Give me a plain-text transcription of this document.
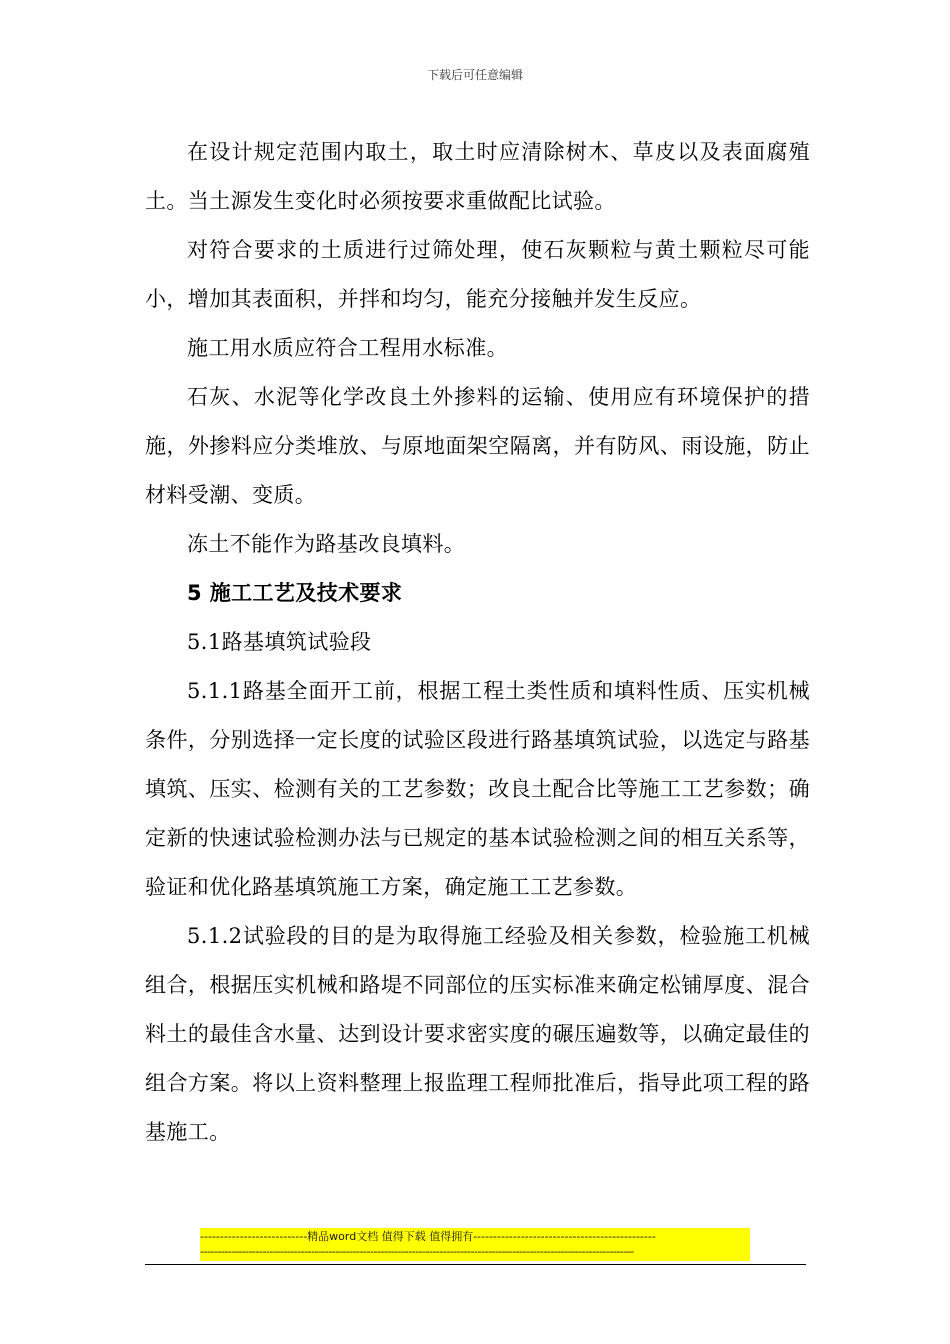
下载后可任意编辑

在设计规定范围内取土，取土时应清除树木、草皮以及表面腐殖土。当土源发生变化时必须按要求重做配比试验。

对符合要求的土质进行过筛处理，使石灰颗粒与黄土颗粒尽可能小，增加其表面积，并拌和均匀，能充分接触并发生反应。

施工用水质应符合工程用水标准。

石灰、水泥等化学改良土外掺料的运输、使用应有环境保护的措施，外掺料应分类堆放、与原地面架空隔离，并有防风、雨设施，防止材料受潮、变质。

冻土不能作为路基改良填料。

5 施工工艺及技术要求

5.1路基填筑试验段

5.1.1路基全面开工前，根据工程土类性质和填料性质、压实机械条件，分别选择一定长度的试验区段进行路基填筑试验，以选定与路基填筑、压实、检测有关的工艺参数；改良土配合比等施工工艺参数；确定新的快速试验检测办法与已规定的基本试验检测之间的相互关系等，验证和优化路基填筑施工方案，确定施工工艺参数。

5.1.2试验段的目的是为取得施工经验及相关参数，检验施工机械组合，根据压实机械和路堤不同部位的压实标准来确定松铺厚度、混合料土的最佳含水量、达到设计要求密实度的碾压遍数等，以确定最佳的组合方案。将以上资料整理上报监理工程师批准后，指导此项工程的路基施工。

---------------------------精品word文档 值得下载 值得拥有----------------------------------------------
-----------------------------------------------------------------------------------------------------------------------------
